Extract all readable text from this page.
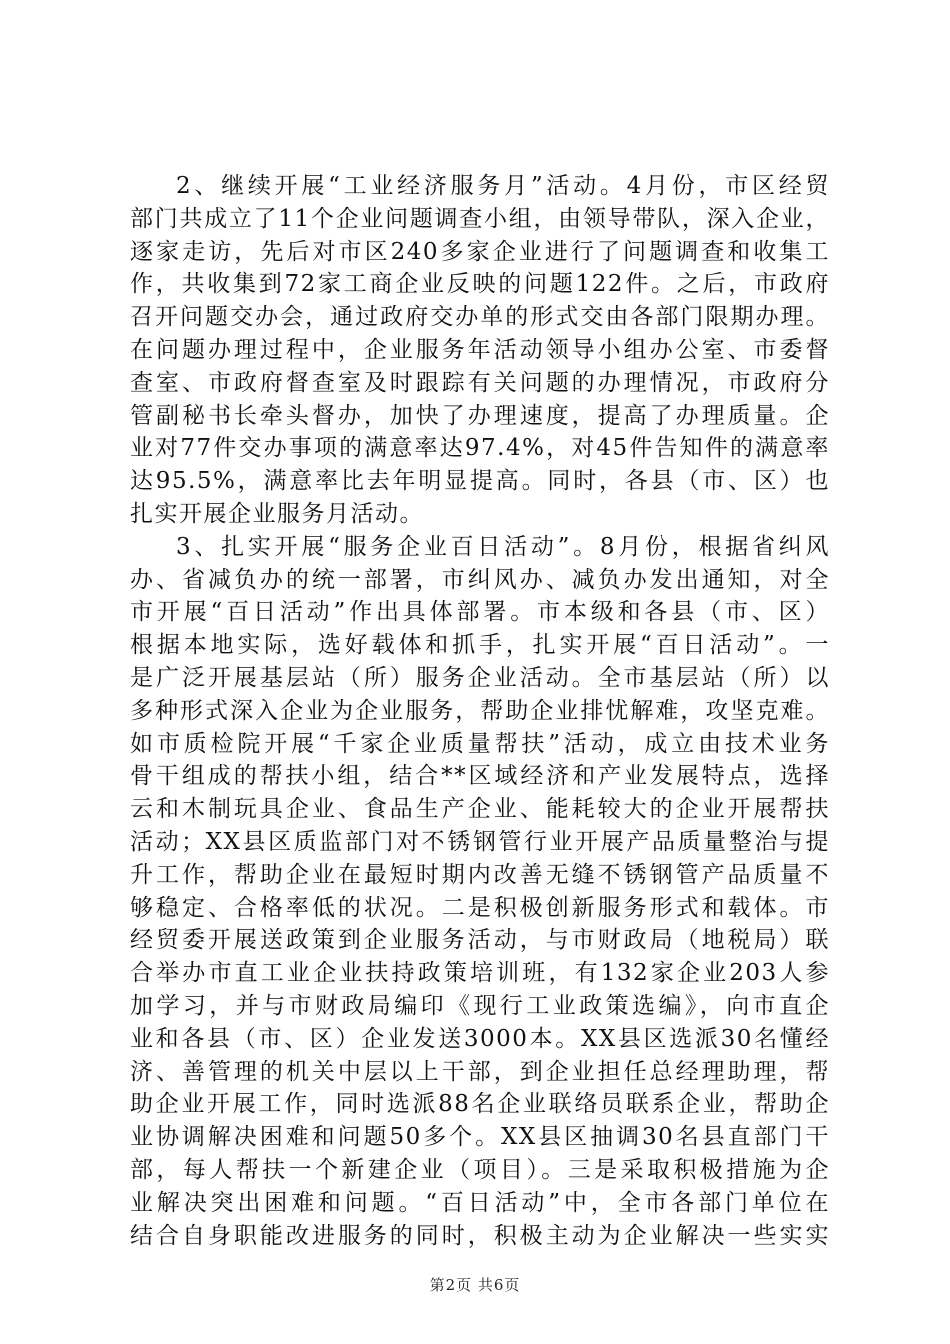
2、继续开展“工业经济服务月”活动。4月份，市区经贸
部门共成立了11个企业问题调查小组，由领导带队，深入企业，
逐家走访，先后对市区240多家企业进行了问题调查和收集工
作，共收集到72家工商企业反映的问题122件。之后，市政府
召开问题交办会，通过政府交办单的形式交由各部门限期办理。
在问题办理过程中，企业服务年活动领导小组办公室、市委督
查室、市政府督查室及时跟踪有关问题的办理情况，市政府分
管副秘书长牵头督办，加快了办理速度，提高了办理质量。企
业对77件交办事项的满意率达97.4%，对45件告知件的满意率
达95.5%，满意率比去年明显提高。同时，各县（市、区）也
扎实开展企业服务月活动。
3、扎实开展“服务企业百日活动”。8月份，根据省纠风
办、省减负办的统一部署，市纠风办、减负办发出通知，对全
市开展“百日活动”作出具体部署。市本级和各县（市、区）
根据本地实际，选好载体和抓手，扎实开展“百日活动”。一
是广泛开展基层站（所）服务企业活动。全市基层站（所）以
多种形式深入企业为企业服务，帮助企业排忧解难，攻坚克难。
如市质检院开展“千家企业质量帮扶”活动，成立由技术业务
骨干组成的帮扶小组，结合**区域经济和产业发展特点，选择
云和木制玩具企业、食品生产企业、能耗较大的企业开展帮扶
活动；XX县区质监部门对不锈钢管行业开展产品质量整治与提
升工作，帮助企业在最短时期内改善无缝不锈钢管产品质量不
够稳定、合格率低的状况。二是积极创新服务形式和载体。市
经贸委开展送政策到企业服务活动，与市财政局（地税局）联
合举办市直工业企业扶持政策培训班，有132家企业203人参
加学习，并与市财政局编印《现行工业政策选编》，向市直企
业和各县（市、区）企业发送3000本。XX县区选派30名懂经
济、善管理的机关中层以上干部，到企业担任总经理助理，帮
助企业开展工作，同时选派88名企业联络员联系企业，帮助企
业协调解决困难和问题50多个。XX县区抽调30名县直部门干
部，每人帮扶一个新建企业（项目）。三是采取积极措施为企
业解决突出困难和问题。“百日活动”中，全市各部门单位在
结合自身职能改进服务的同时，积极主动为企业解决一些实实
第2页 共6页
